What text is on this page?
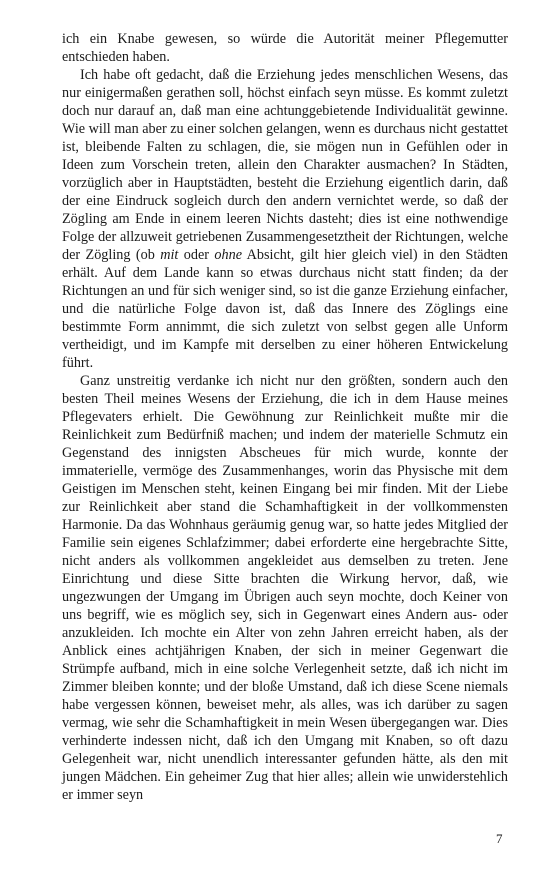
ich ein Knabe gewesen, so würde die Autorität meiner Pflegemutter entschieden haben.

Ich habe oft gedacht, daß die Erziehung jedes menschlichen Wesens, das nur einigermaßen gerathen soll, höchst einfach seyn müsse. Es kommt zuletzt doch nur darauf an, daß man eine achtunggebietende Individualität gewinne. Wie will man aber zu einer solchen gelangen, wenn es durchaus nicht gestattet ist, bleibende Falten zu schlagen, die, sie mögen nun in Gefühlen oder in Ideen zum Vorschein treten, allein den Charakter ausmachen? In Städten, vorzüglich aber in Hauptstädten, besteht die Erziehung eigentlich darin, daß der eine Eindruck sogleich durch den andern vernichtet werde, so daß der Zögling am Ende in einem leeren Nichts dasteht; dies ist eine nothwendige Folge der allzuweit getriebenen Zusammengesetztheit der Richtungen, welche der Zögling (ob mit oder ohne Absicht, gilt hier gleich viel) in den Städten erhält. Auf dem Lande kann so etwas durchaus nicht statt finden; da der Richtungen an und für sich weniger sind, so ist die ganze Erziehung einfacher, und die natürliche Folge davon ist, daß das Innere des Zöglings eine bestimmte Form annimmt, die sich zuletzt von selbst gegen alle Unform vertheidigt, und im Kampfe mit derselben zu einer höheren Entwickelung führt.

Ganz unstreitig verdanke ich nicht nur den größten, sondern auch den besten Theil meines Wesens der Erziehung, die ich in dem Hause meines Pflegevaters erhielt. Die Gewöhnung zur Reinlichkeit mußte mir die Reinlichkeit zum Bedürfniß machen; und indem der materielle Schmutz ein Gegenstand des innigsten Abscheues für mich wurde, konnte der immaterielle, vermöge des Zusammenhanges, worin das Physische mit dem Geistigen im Menschen steht, keinen Eingang bei mir finden. Mit der Liebe zur Reinlichkeit aber stand die Schamhaftigkeit in der vollkommensten Harmonie. Da das Wohnhaus geräumig genug war, so hatte jedes Mitglied der Familie sein eigenes Schlafzimmer; dabei erforderte eine hergebrachte Sitte, nicht anders als vollkommen angekleidet aus demselben zu treten. Jene Einrichtung und diese Sitte brachten die Wirkung hervor, daß, wie ungezwungen der Umgang im Übrigen auch seyn mochte, doch Keiner von uns begriff, wie es möglich sey, sich in Gegenwart eines Andern aus- oder anzukleiden. Ich mochte ein Alter von zehn Jahren erreicht haben, als der Anblick eines achtjährigen Knaben, der sich in meiner Gegenwart die Strümpfe aufband, mich in eine solche Verlegenheit setzte, daß ich nicht im Zimmer bleiben konnte; und der bloße Umstand, daß ich diese Scene niemals habe vergessen können, beweiset mehr, als alles, was ich darüber zu sagen vermag, wie sehr die Schamhaftigkeit in mein Wesen übergegangen war. Dies verhinderte indessen nicht, daß ich den Umgang mit Knaben, so oft dazu Gelegenheit war, nicht unendlich interessanter gefunden hätte, als den mit jungen Mädchen. Ein geheimer Zug that hier alles; allein wie unwiderstehlich er immer seyn

7
